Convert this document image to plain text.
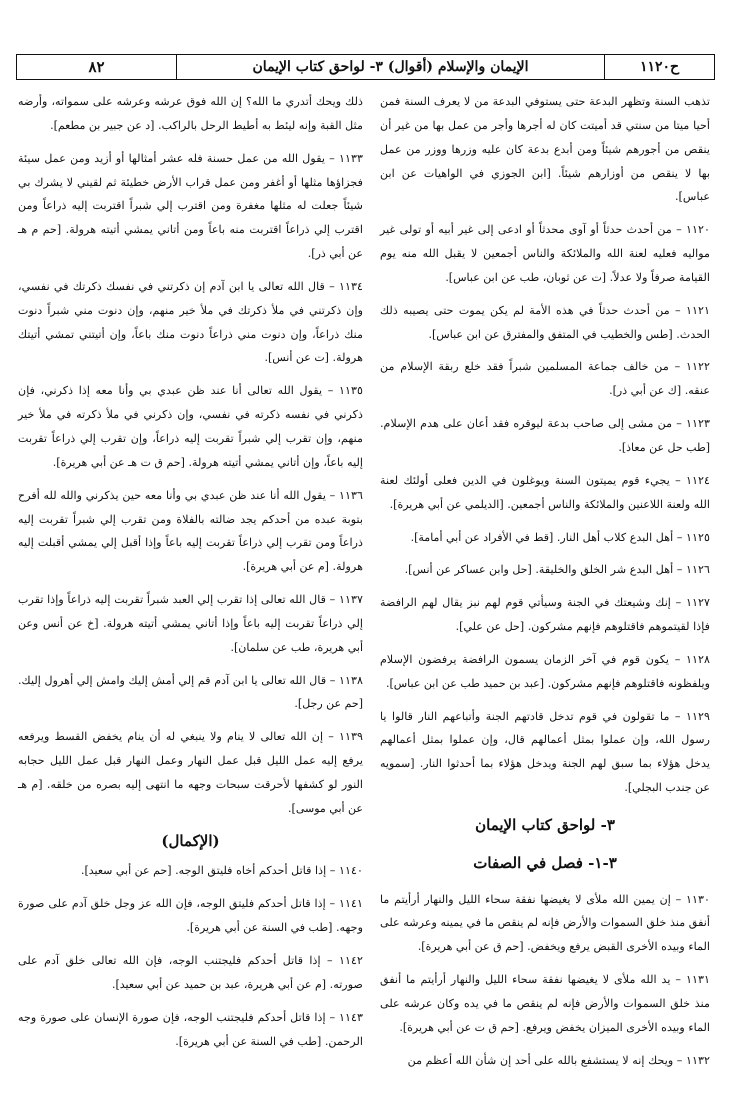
٨٢	الإيمان والإسلام (أقوال) ٣- لواحق كتاب الإيمان	ح١١٢٠
تذهب السنة وتظهر البدعة حتى يستوفي البدعة من لا يعرف السنة فمن أحيا ميتا من سنتي قد أميتت كان له أجرها وأجر من عمل بها من غير أن ينقص من أجورهم شيئاً ومن أبدع بدعة كان عليه وزرها ووزر من عمل بها لا ينقص من أوزارهم شيئاً. [ابن الجوزي في الواهيات عن ابن عباس].
١١٢٠ – من أحدث حدثاً أو آوى محدثاً أو ادعى إلى غير أبيه أو تولى غير مواليه فعليه لعنة الله والملائكة والناس أجمعين لا يقبل الله منه يوم القيامة صرفاً ولا عدلاً. [ت عن ثوبان، طب عن ابن عباس].
١١٢١ – من أحدث حدثاً في هذه الأمة لم يكن يموت حتى يصيبه ذلك الحدث. [طس والخطيب في المتفق والمفترق عن ابن عباس].
١١٢٢ – من خالف جماعة المسلمين شبراً فقد خلع ربقة الإسلام من عنقه. [ك عن أبي ذر].
١١٢٣ – من مشى إلى صاحب بدعة ليوقره فقد أعان على هدم الإسلام. [طب حل عن معاذ].
١١٢٤ – يجيء قوم يميتون السنة ويوغلون في الدين فعلى أولئك لعنة الله ولعنة اللاعنين والملائكة والناس أجمعين. [الديلمي عن أبي هريرة].
١١٢٥ – أهل البدع كلاب أهل النار. [قط في الأفراد عن أبي أمامة].
١١٢٦ – أهل البدع شر الخلق والخليقة. [حل وابن عساكر عن أنس].
١١٢٧ – إنك وشيعتك في الجنة وسيأتي قوم لهم نبز يقال لهم الرافضة فإذا لقيتموهم فاقتلوهم فإنهم مشركون. [حل عن علي].
١١٢٨ – يكون قوم في آخر الزمان يسمون الرافضة يرفضون الإسلام ويلفظونه فاقتلوهم فإنهم مشركون. [عبد بن حميد طب عن ابن عباس].
١١٢٩ – ما تقولون في قوم تدخل قادتهم الجنة وأتباعهم النار قالوا يا رسول الله، وإن عملوا بمثل أعمالهم قال، وإن عملوا بمثل أعمالهم يدخل هؤلاء بما سبق لهم الجنة ويدخل هؤلاء بما أحدثوا النار. [سمويه عن جندب البجلي].
٣- لواحق كتاب الإيمان
٣-١- فصل في الصفات
١١٣٠ – إن يمين الله ملأى لا يغيضها نفقة سحاء الليل والنهار أرأيتم ما أنفق منذ خلق السموات والأرض فإنه لم ينقص ما في يمينه وعرشه على الماء وبيده الأخرى القبض يرفع ويخفض. [حم ق عن أبي هريرة].
١١٣١ – يد الله ملأى لا يغيضها نفقة سحاء الليل والنهار أرأيتم ما أنفق منذ خلق السموات والأرض فإنه لم ينقص ما في يده وكان عرشه على الماء وبيده الأخرى الميزان يخفض ويرفع. [حم ق ت عن أبي هريرة].
١١٣٢ – ويحك إنه لا يستشفع بالله على أحد إن شأن الله أعظم من
ذلك ويحك أتدري ما الله؟ إن الله فوق عرشه وعرشه على سمواته، وأرضه مثل القبة وإنه ليئط به أطيط الرحل بالراكب. [د عن جبير بن مطعم].
١١٣٣ – يقول الله من عمل حسنة فله عشر أمثالها أو أزيد ومن عمل سيئة فجزاؤها مثلها أو أغفر ومن عمل قراب الأرض خطيئة ثم لقيني لا يشرك بي شيئاً جعلت له مثلها مغفرة ومن اقترب إلي شبراً اقتربت إليه ذراعاً ومن اقترب إلي ذراعاً اقتربت منه باعاً ومن أتاني يمشي أتيته هرولة. [حم م هـ عن أبي ذر].
١١٣٤ – قال الله تعالى يا ابن آدم إن ذكرتني في نفسك ذكرتك في نفسي، وإن ذكرتني في ملأ ذكرتك في ملأ خير منهم، وإن دنوت مني شبراً دنوت منك ذراعاً، وإن دنوت مني ذراعاً دنوت منك باعاً، وإن أتيتني تمشي أتيتك هرولة. [ت عن أنس].
١١٣٥ – يقول الله تعالى أنا عند ظن عبدي بي وأنا معه إذا ذكرني، فإن ذكرني في نفسه ذكرته في نفسي، وإن ذكرني في ملأ ذكرته في ملأ خير منهم، وإن تقرب إلي شبراً تقربت إليه ذراعاً، وإن تقرب إلي ذراعاً تقربت إليه باعاً، وإن أتاني يمشي أتيته هرولة. [حم ق ت هـ عن أبي هريرة].
١١٣٦ – يقول الله أنا عند ظن عبدي بي وأنا معه حين يذكرني والله لله أفرح بتوبة عبده من أحدكم يجد ضالته بالفلاة ومن تقرب إلي شبراً تقربت إليه ذراعاً ومن تقرب إلي ذراعاً تقربت إليه باعاً وإذا أقبل إلي يمشي أقبلت إليه هرولة. [م عن أبي هريرة].
١١٣٧ – قال الله تعالى إذا تقرب إلي العبد شبراً تقربت إليه ذراعاً وإذا تقرب إلي ذراعاً تقربت إليه باعاً وإذا أتاني يمشي أتيته هرولة. [خ عن أنس وعن أبي هريرة، طب عن سلمان].
١١٣٨ – قال الله تعالى يا ابن آدم قم إلي أمش إليك وامش إلي أهرول إليك. [حم عن رجل].
١١٣٩ – إن الله تعالى لا ينام ولا ينبغي له أن ينام يخفض القسط ويرفعه يرفع إليه عمل الليل قبل عمل النهار وعمل النهار قبل عمل الليل حجابه النور لو كشفها لأحرقت سبحات وجهه ما انتهى إليه بصره من خلقه. [م هـ عن أبي موسى].
(الإكمال)
١١٤٠ – إذا قاتل أحدكم أخاه فليتق الوجه. [حم عن أبي سعيد].
١١٤١ – إذا قاتل أحدكم فليتق الوجه، فإن الله عز وجل خلق آدم على صورة وجهه. [طب في السنة عن أبي هريرة].
١١٤٢ – إذا قاتل أحدكم فليجتنب الوجه، فإن الله تعالى خلق آدم على صورته. [م عن أبي هريرة، عبد بن حميد عن أبي سعيد].
١١٤٣ – إذا قاتل أحدكم فليجتنب الوجه، فإن صورة الإنسان على صورة وجه الرحمن. [طب في السنة عن أبي هريرة].
